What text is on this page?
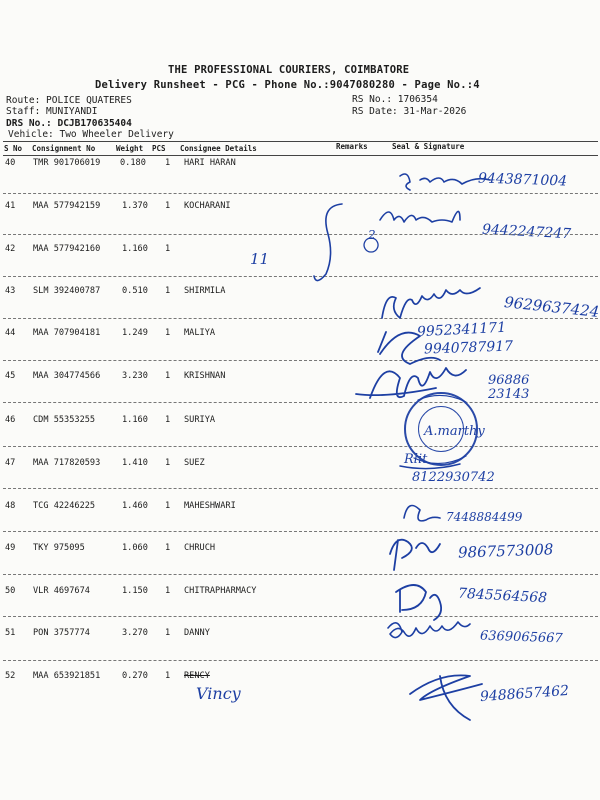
THE PROFESSIONAL COURIERS, COIMBATORE
Delivery Runsheet - PCG - Phone No.:9047080280 - Page No.:4
Route: POLICE QUATERES
Staff: MUNIYANDI
DRS No.: DCJB170635404
Vehicle: Two Wheeler Delivery
RS No.: 1706354
RS Date: 31-Mar-2026
S No Consignment No	Weight PCS Consignee Details	Remarks	Seal & Signature
40 TMR 901706019 0.180 1 HARI HARAN
9443871004
41 MAA 577942159	1.370 1 KOCHARANI
2	9442247247
42 MAA 577942160	1.160 1
11
43 SLM 392400787	0.510 1 SHIRMILA
9629637424
44 MAA 707904181	1.249 1 MALIYA	9952341171
9940787917
45 MAA 304774566	3.230 1 KRISHNAN	96886 23143
46 CDM 55353255	1.160 1 SURIYA
47 MAA 717820593	1.410 1 SUEZ	Rlit
8122930742
48 TCG 42246225	1.460 1 MAHESHWARI
7448884499
49 TKY 975095	1.060 1 CHRUCH	9867573008
50 VLR 4697674	1.150 1 CHITRAPHARMACY	7845564568
51 PON 3757774	3.270 1 DANNY	6369065667
52 MAA 653921851	0.270 1 RENCY
Vincy	9488657462
A.marthy
